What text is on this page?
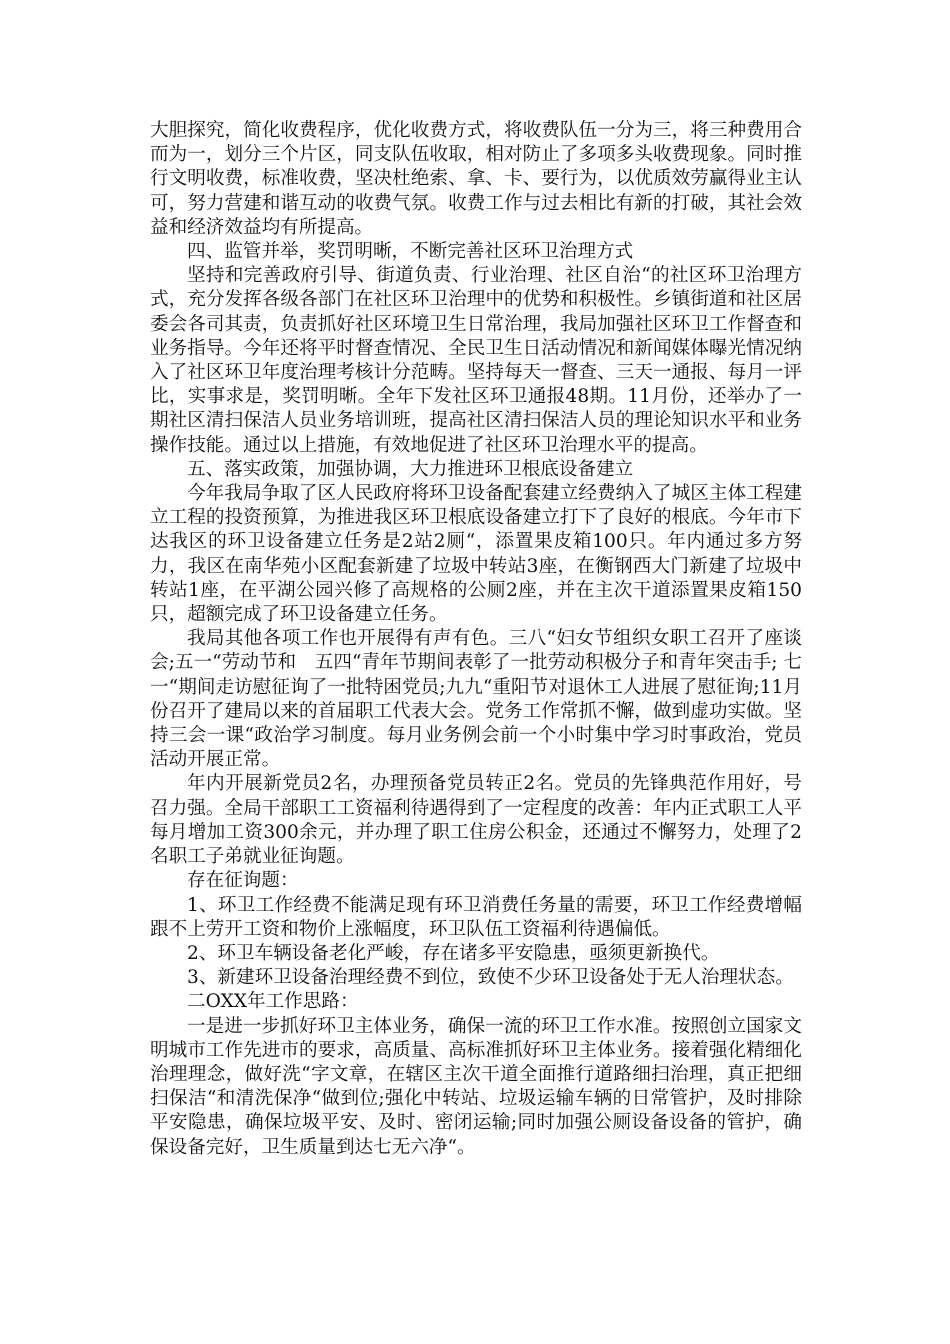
大胆探究，简化收费程序，优化收费方式，将收费队伍一分为三，将三种费用合而为一，划分三个片区，同支队伍收取，相对防止了多项多头收费现象。同时推行文明收费，标准收费，坚决杜绝索、拿、卡、要行为，以优质效劳赢得业主认可，努力营建和谐互动的收费气氛。收费工作与过去相比有新的打破，其社会效益和经济效益均有所提高。

四、监管并举，奖罚明晰，不断完善社区环卫治理方式

坚持和完善政府引导、街道负责、行业治理、社区自治“的社区环卫治理方式，充分发挥各级各部门在社区环卫治理中的优势和积极性。乡镇街道和社区居委会各司其责，负责抓好社区环境卫生日常治理，我局加强社区环卫工作督查和业务指导。今年还将平时督查情况、全民卫生日活动情况和新闻媒体曝光情况纳入了社区环卫年度治理考核计分范畴。坚持每天一督查、三天一通报、每月一评比，实事求是，奖罚明晰。全年下发社区环卫通报48期。11月份，还举办了一期社区清扫保洁人员业务培训班，提高社区清扫保洁人员的理论知识水平和业务操作技能。通过以上措施，有效地促进了社区环卫治理水平的提高。

五、落实政策，加强协调，大力推进环卫根底设备建立

今年我局争取了区人民政府将环卫设备配套建立经费纳入了城区主体工程建立工程的投资预算，为推进我区环卫根底设备建立打下了良好的根底。今年市下达我区的环卫设备建立任务是2站2厕“，添置果皮箱100只。年内通过多方努力，我区在南华苑小区配套新建了垃圾中转站3座，在衡钢西大门新建了垃圾中转站1座，在平湖公园兴修了高规格的公厕2座，并在主次干道添置果皮箱150只，超额完成了环卫设备建立任务。

我局其他各项工作也开展得有声有色。三八“妇女节组织女职工召开了座谈会;五一“劳动节和　五四“青年节期间表彰了一批劳动积极分子和青年突击手; 七一“期间走访慰征询了一批特困党员;九九“重阳节对退休工人进展了慰征询;11月份召开了建局以来的首届职工代表大会。党务工作常抓不懈，做到虚功实做。坚持三会一课“政治学习制度。每月业务例会前一个小时集中学习时事政治，党员活动开展正常。

年内开展新党员2名，办理预备党员转正2名。党员的先锋典范作用好，号召力强。全局干部职工工资福利待遇得到了一定程度的改善：年内正式职工人平每月增加工资300余元，并办理了职工住房公积金，还通过不懈努力，处理了2名职工子弟就业征询题。

存在征询题：

1、环卫工作经费不能满足现有环卫消费任务量的需要，环卫工作经费增幅跟不上劳开工资和物价上涨幅度，环卫队伍工资福利待遇偏低。

2、环卫车辆设备老化严峻，存在诸多平安隐患，亟须更新换代。

3、新建环卫设备治理经费不到位，致使不少环卫设备处于无人治理状态。

二OXX年工作思路：

一是进一步抓好环卫主体业务，确保一流的环卫工作水准。按照创立国家文明城市工作先进市的要求，高质量、高标准抓好环卫主体业务。接着强化精细化治理理念，做好洗“字文章，在辖区主次干道全面推行道路细扫治理，真正把细扫保洁“和清洗保净“做到位;强化中转站、垃圾运输车辆的日常管护，及时排除平安隐患，确保垃圾平安、及时、密闭运输;同时加强公厕设备设备的管护，确保设备完好，卫生质量到达七无六净“。
